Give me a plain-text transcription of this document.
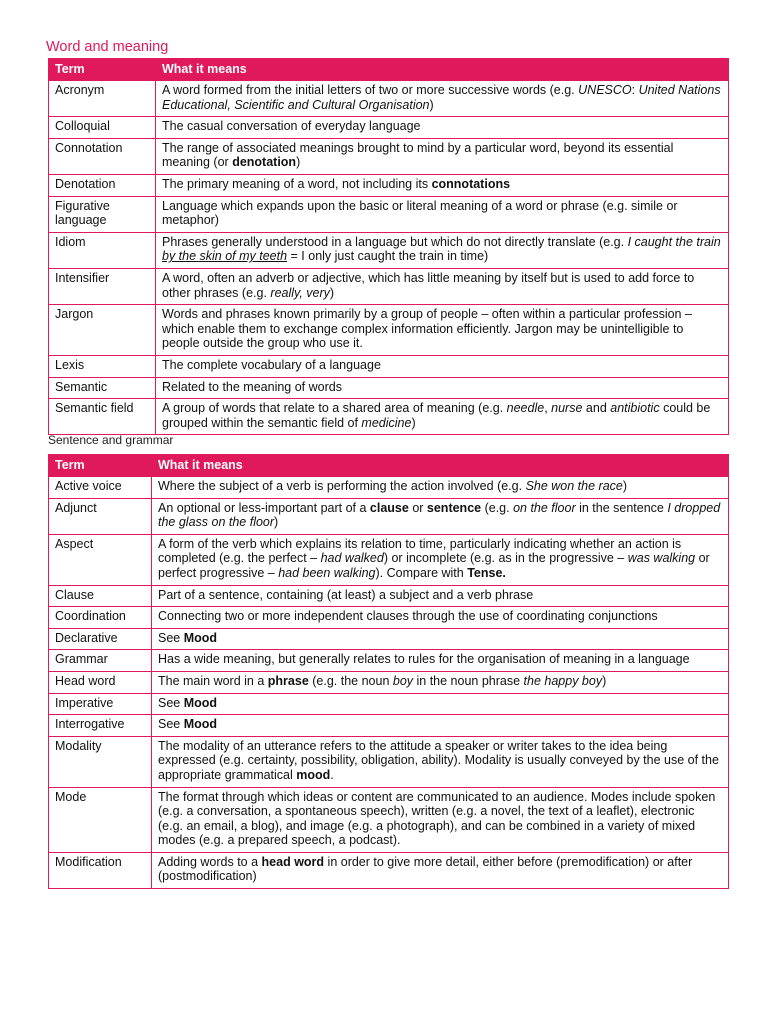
Word and meaning
Term	What it means
Acronym	A word formed from the initial letters of two or more successive words (e.g. UNESCO: United Nations Educational, Scientific and Cultural Organisation)
Colloquial	The casual conversation of everyday language
Connotation	The range of associated meanings brought to mind by a particular word, beyond its essential meaning (or denotation)
Denotation	The primary meaning of a word, not including its connotations
Figurative language	Language which expands upon the basic or literal meaning of a word or phrase (e.g. simile or metaphor)
Idiom	Phrases generally understood in a language but which do not directly translate (e.g. I caught the train by the skin of my teeth = I only just caught the train in time)
Intensifier	A word, often an adverb or adjective, which has little meaning by itself but is used to add force to other phrases (e.g. really, very)
Jargon	Words and phrases known primarily by a group of people – often within a particular profession – which enable them to exchange complex information efficiently. Jargon may be unintelligible to people outside the group who use it.
Lexis	The complete vocabulary of a language
Semantic	Related to the meaning of words
Semantic field	A group of words that relate to a shared area of meaning (e.g. needle, nurse and antibiotic could be grouped within the semantic field of medicine)
Sentence and grammar
Term	What it means
Active voice	Where the subject of a verb is performing the action involved (e.g. She won the race)
Adjunct	An optional or less-important part of a clause or sentence (e.g. on the floor in the sentence I dropped the glass on the floor)
Aspect	A form of the verb which explains its relation to time, particularly indicating whether an action is completed (e.g. the perfect – had walked) or incomplete (e.g. as in the progressive – was walking or perfect progressive – had been walking). Compare with Tense.
Clause	Part of a sentence, containing (at least) a subject and a verb phrase
Coordination	Connecting two or more independent clauses through the use of coordinating conjunctions
Declarative	See Mood
Grammar	Has a wide meaning, but generally relates to rules for the organisation of meaning in a language
Head word	The main word in a phrase (e.g. the noun boy in the noun phrase the happy boy)
Imperative	See Mood
Interrogative	See Mood
Modality	The modality of an utterance refers to the attitude a speaker or writer takes to the idea being expressed (e.g. certainty, possibility, obligation, ability). Modality is usually conveyed by the use of the appropriate grammatical mood.
Mode	The format through which ideas or content are communicated to an audience. Modes include spoken (e.g. a conversation, a spontaneous speech), written (e.g. a novel, the text of a leaflet), electronic (e.g. an email, a blog), and image (e.g. a photograph), and can be combined in a variety of mixed modes (e.g. a prepared speech, a podcast).
Modification	Adding words to a head word in order to give more detail, either before (premodification) or after (postmodification)
